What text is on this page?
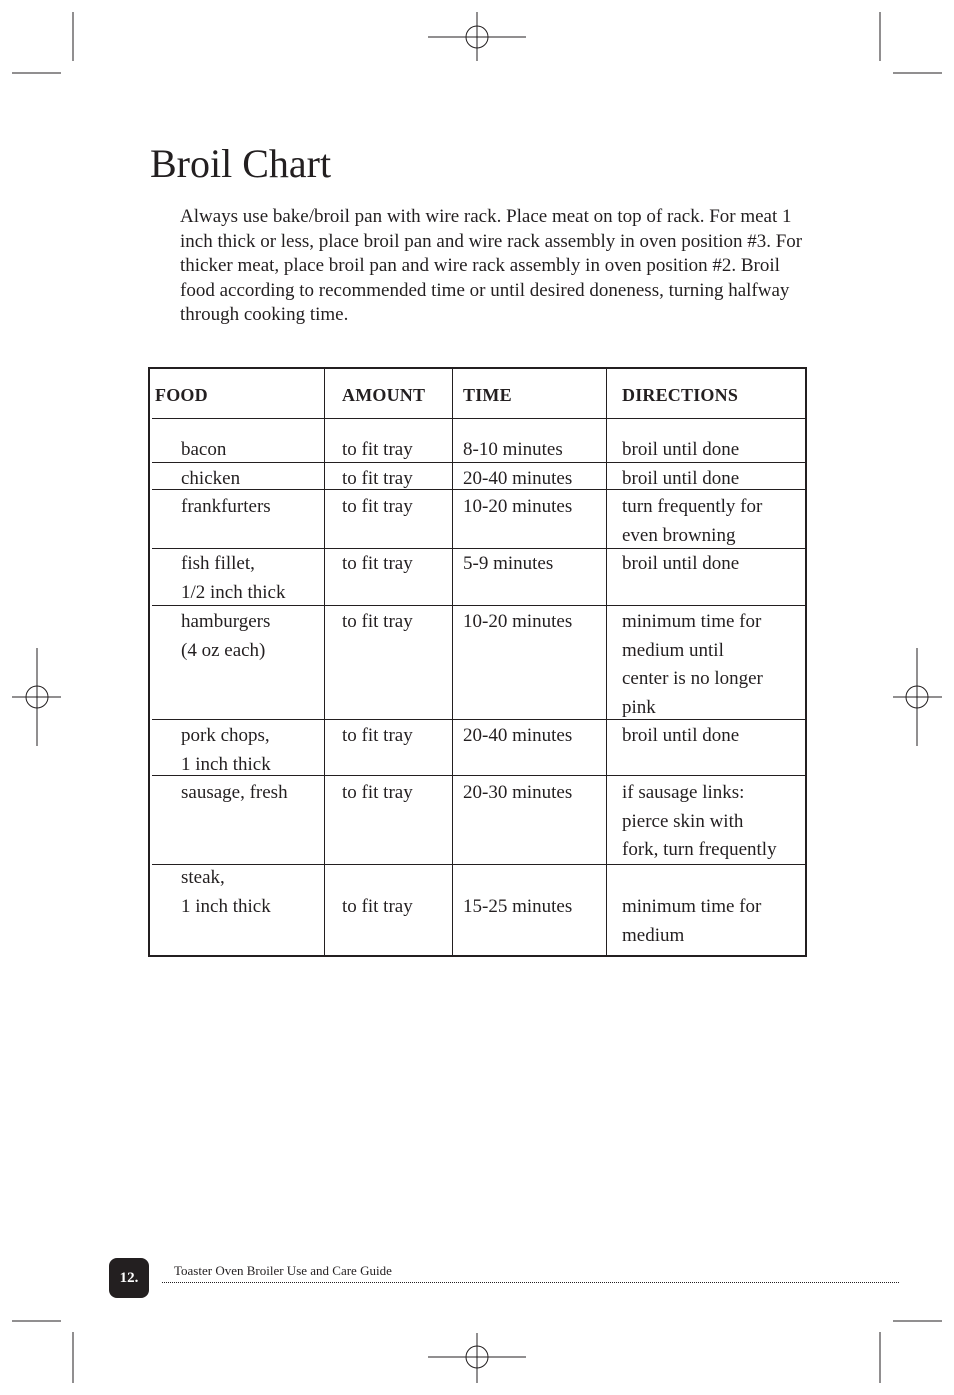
Broil Chart

Always use bake/broil pan with wire rack. Place meat on top of rack. For meat 1 inch thick or less, place broil pan and wire rack assembly in oven position #3. For thicker meat, place broil pan and wire rack assembly in oven position #2. Broil food according to recommended time or until desired doneness, turning halfway through cooking time.

FOOD	AMOUNT TIME	DIRECTIONS
bacon	to fit tray	8-10 minutes	broil until done
chicken	to fit tray	20-40 minutes	broil until done
frankfurters	to fit tray	10-20 minutes	turn frequently for
even browning
fish fillet,
1/2 inch thick
to fit tray	5-9 minutes	broil until done
hamburgers
(4 oz each)
to fit tray	10-20 minutes	minimum time for
medium until
center is no longer
pink
pork chops,
1 inch thick
to fit tray	20-40 minutes	broil until done
sausage, fresh	to fit tray	20-30 minutes	if sausage links:
pierce skin with
fork, turn frequently
steak,
1 inch thick	to fit tray	15-25 minutes	minimum time for
medium
12.	Toaster Oven Broiler Use and Care Guide
